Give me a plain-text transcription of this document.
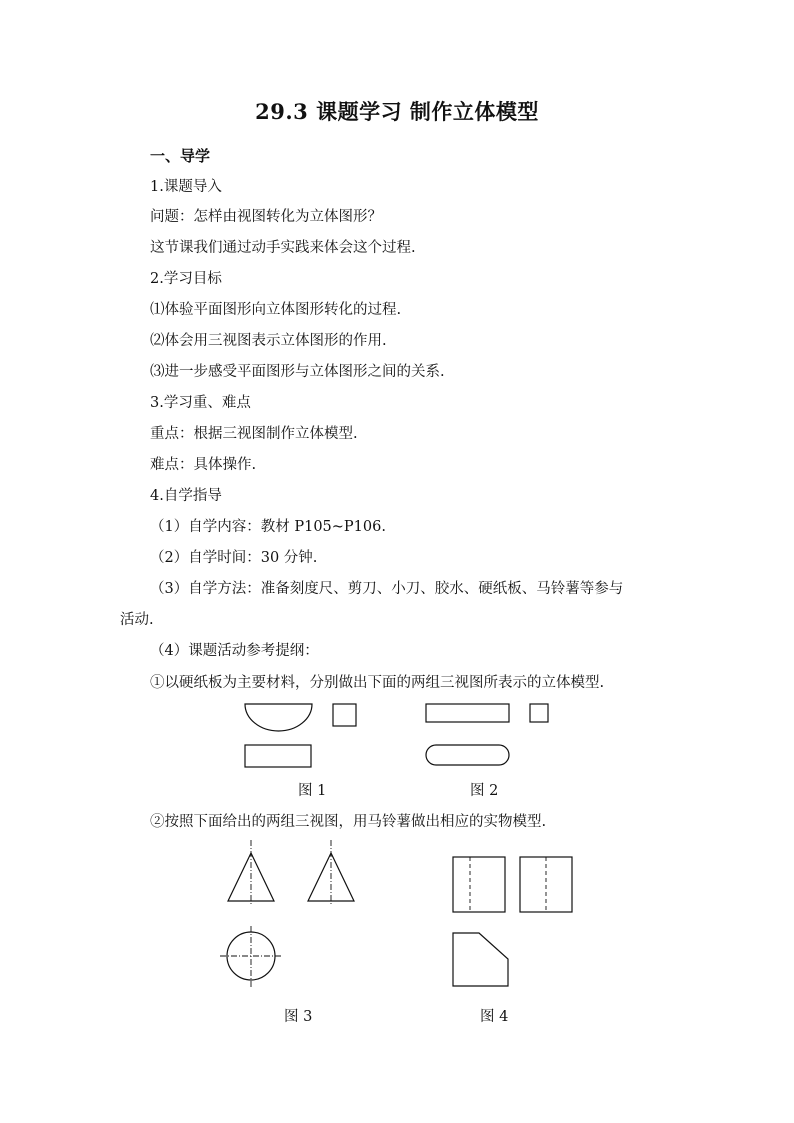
29.3 课题学习 制作立体模型
一、导学
1.课题导入
问题：怎样由视图转化为立体图形？
这节课我们通过动手实践来体会这个过程.
2.学习目标
⑴体验平面图形向立体图形转化的过程.
⑵体会用三视图表示立体图形的作用.
⑶进一步感受平面图形与立体图形之间的关系.
3.学习重、难点
重点：根据三视图制作立体模型.
难点：具体操作.
4.自学指导
（1）自学内容：教材 P105~P106.
（2）自学时间：30 分钟.
（3）自学方法：准备刻度尺、剪刀、小刀、胶水、硬纸板、马铃薯等参与
活动.
（4）课题活动参考提纲：
①以硬纸板为主要材料，分别做出下面的两组三视图所表示的立体模型.
图 1	图 2
②按照下面给出的两组三视图，用马铃薯做出相应的实物模型.
图 3	图 4
